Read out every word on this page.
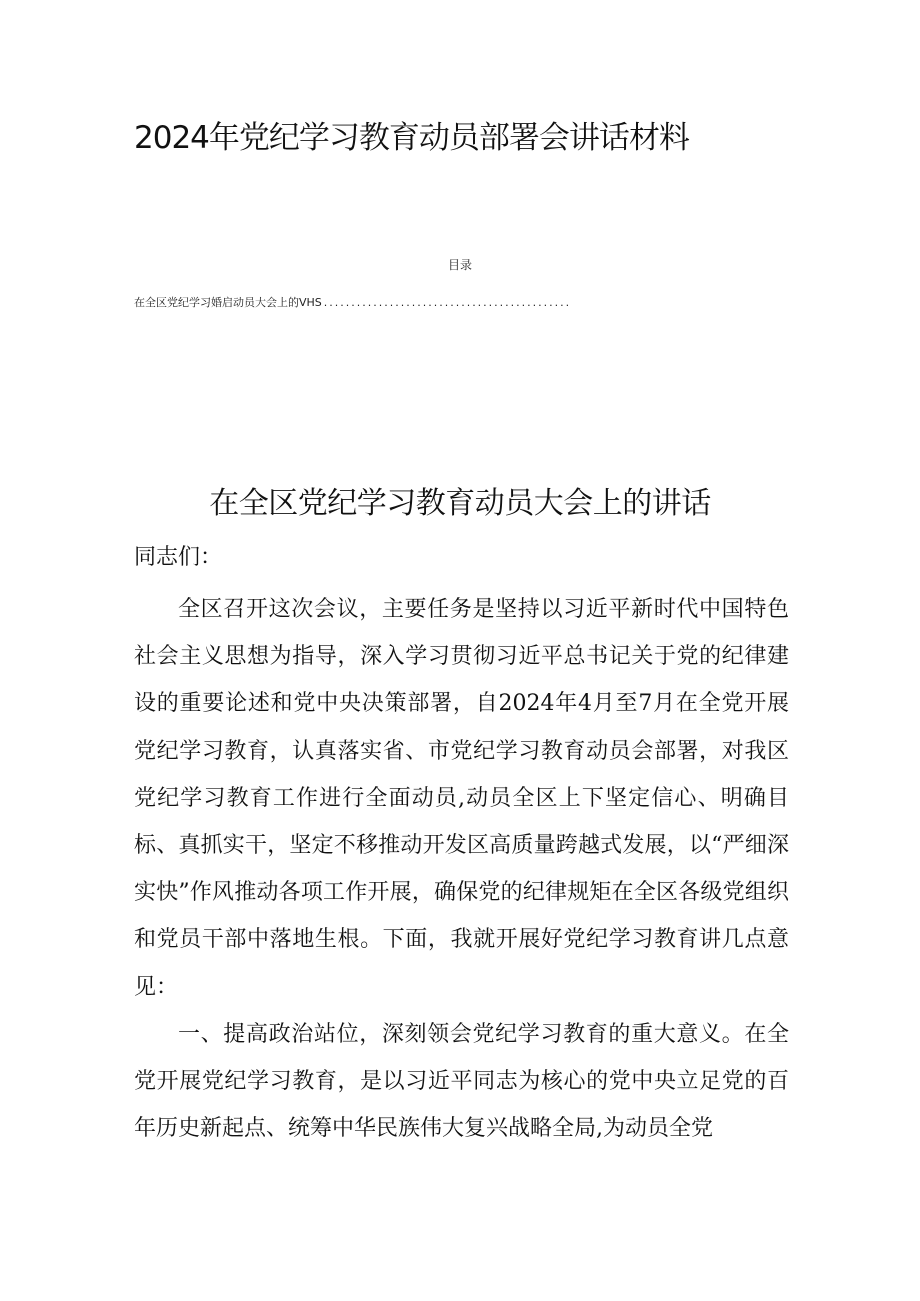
2024年党纪学习教育动员部署会讲话材料
目录
在全区党纪学习婚启动员大会上的VHS .............................................
在全区党纪学习教育动员大会上的讲话
同志们：

全区召开这次会议，主要任务是坚持以习近平新时代中国特色社会主义思想为指导，深入学习贯彻习近平总书记关于党的纪律建设的重要论述和党中央决策部署，自2024年4月至7月在全党开展党纪学习教育，认真落实省、市党纪学习教育动员会部署，对我区党纪学习教育工作进行全面动员,动员全区上下坚定信心、明确目标、真抓实干，坚定不移推动开发区高质量跨越式发展，以“严细深实快”作风推动各项工作开展，确保党的纪律规矩在全区各级党组织和党员干部中落地生根。下面，我就开展好党纪学习教育讲几点意见：

一、提高政治站位，深刻领会党纪学习教育的重大意义。在全党开展党纪学习教育，是以习近平同志为核心的党中央立足党的百年历史新起点、统筹中华民族伟大复兴战略全局,为动员全党
